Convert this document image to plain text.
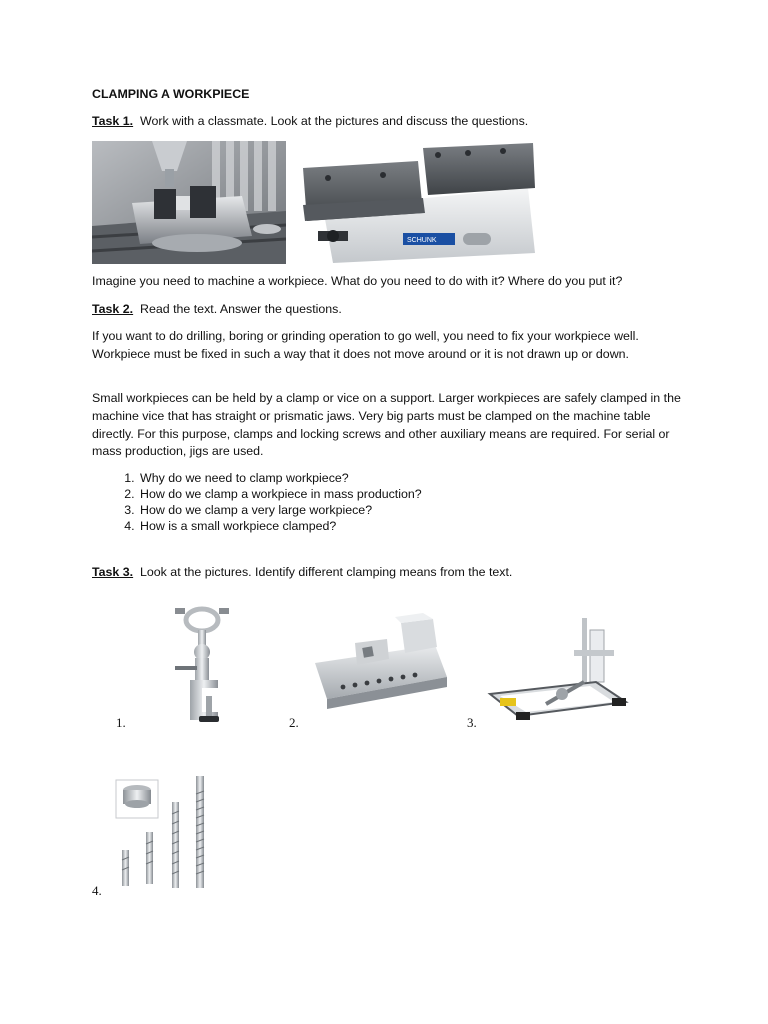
CLAMPING A WORKPIECE
Task 1. Work with a classmate. Look at the pictures and discuss the questions.
SCHUNK
Imagine you need to machine a workpiece. What do you need to do with it? Where do you put it?
Task 2. Read the text. Answer the questions.
If you want to do drilling, boring or grinding operation to go well, you need to fix your workpiece well. Workpiece must be fixed in such a way that it does not move around or it is not drawn up or down.
Small workpieces can be held by a clamp or vice on a support. Larger workpieces are safely clamped in the machine vice that has straight or prismatic jaws. Very big parts must be clamped on the machine table directly. For this purpose, clamps and locking screws and other auxiliary means are required. For serial or mass production, jigs are used.
1. Why do we need to clamp workpiece?
2. How do we clamp a workpiece in mass production?
3. How do we clamp a very large workpiece?
4. How is a small workpiece clamped?
Task 3. Look at the pictures. Identify different clamping means from the text.
1.	2.	3.
4.
